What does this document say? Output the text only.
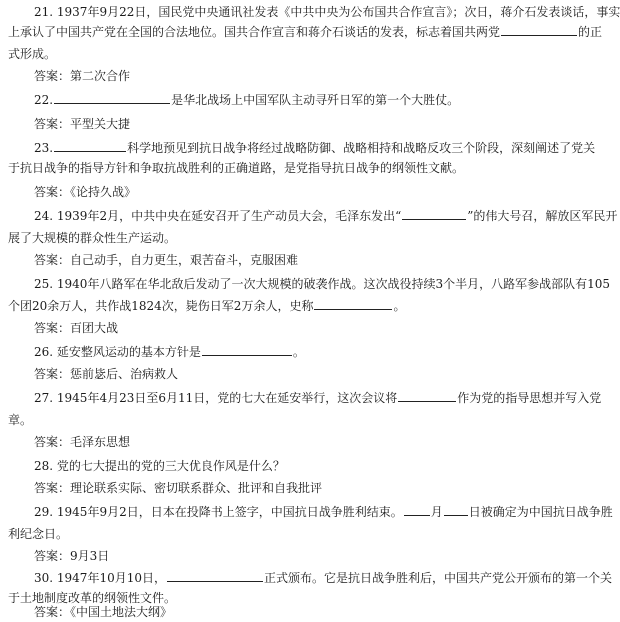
21. 1937年9月22日，国民党中央通讯社发表《中共中央为公布国共合作宣言》；次日，蒋介石发表谈话，事实
上承认了中国共产党在全国的合法地位。国共合作宣言和蒋介石谈话的发表，标志着国共两党	的正
式形成。
答案：第二次合作
22.	是华北战场上中国军队主动寻歼日军的第一个大胜仗。
答案：平型关大捷
23.	科学地预见到抗日战争将经过战略防御、战略相持和战略反攻三个阶段，深刻阐述了党关
于抗日战争的指导方针和争取抗战胜利的正确道路，是党指导抗日战争的纲领性文献。
答案：《论持久战》
24. 1939年2月，中共中央在延安召开了生产动员大会，毛泽东发出“	”的伟大号召，解放区军民开
展了大规模的群众性生产运动。
答案：自己动手，自力更生，艰苦奋斗，克服困难
25. 1940年八路军在华北敌后发动了一次大规模的破袭作战。这次战役持续3个半月，八路军参战部队有105
个团20余万人，共作战1824次，毙伤日军2万余人，史称	。
答案：百团大战
26. 延安整风运动的基本方针是	。
答案：惩前毖后、治病救人
27. 1945年4月23日至6月11日，党的七大在延安举行，这次会议将	作为党的指导思想并写入党
章。
答案：毛泽东思想
28. 党的七大提出的党的三大优良作风是什么？
答案：理论联系实际、密切联系群众、批评和自我批评
29. 1945年9月2日，日本在投降书上签字，中国抗日战争胜利结束。 月 日被确定为中国抗日战争胜
利纪念日。
答案：9月3日
30. 1947年10月10日，	正式颁布。它是抗日战争胜利后，中国共产党公开颁布的第一个关
于土地制度改革的纲领性文件。
答案：《中国土地法大纲》
